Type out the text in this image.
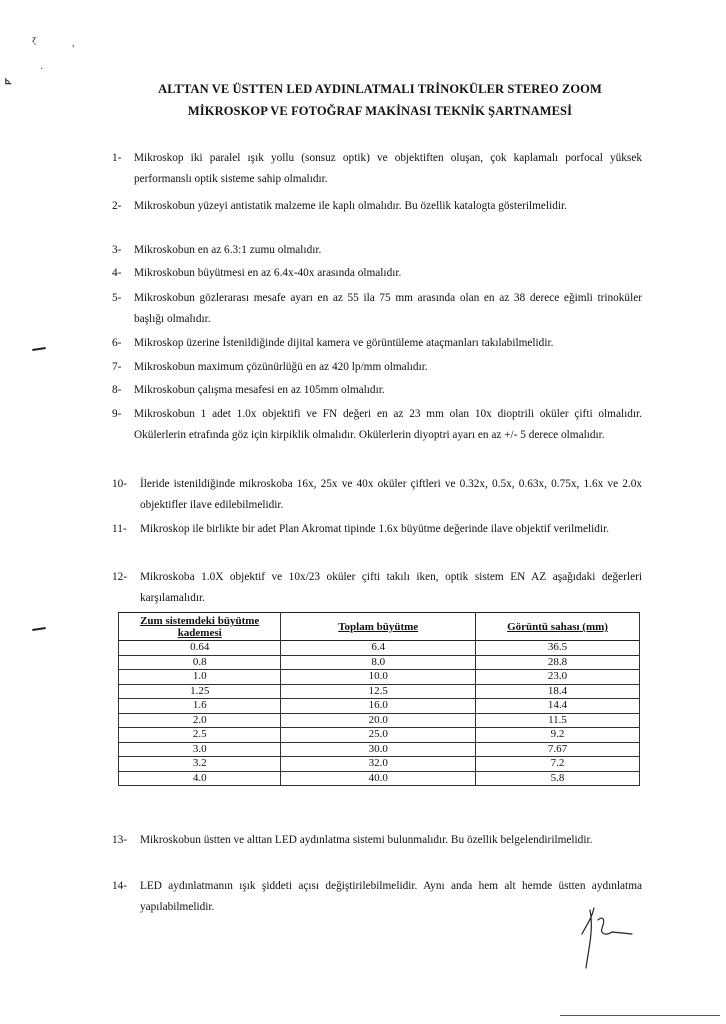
ɀ	,
⊾
·
ALTTAN VE ÜSTTEN LED AYDINLATMALI TRİNOKÜLER STEREO ZOOM
MİKROSKOP VE FOTOĞRAF MAKİNASI TEKNİK ŞARTNAMESİ
1-	Mikroskop iki paralel ışık yollu (sonsuz optik) ve objektiften oluşan, çok kaplamalı porfocal yüksek performanslı optik sisteme sahip olmalıdır.
2-	Mikroskobun yüzeyi antistatik malzeme ile kaplı olmalıdır. Bu özellik katalogta gösterilmelidir.
3-	Mikroskobun en az 6.3:1 zumu olmalıdır.
4-	Mikroskobun büyütmesi en az 6.4x-40x arasında olmalıdır.
5-	Mikroskobun gözlerarası mesafe ayarı en az 55 ila 75 mm arasında olan en az 38 derece eğimli trinoküler başlığı olmalıdır.
6-	Mikroskop üzerine İstenildiğinde dijital kamera ve görüntüleme ataçmanları takılabilmelidir.
7-	Mikroskobun maximum çözünürlüğü en az 420 lp/mm olmalıdır.
8-	Mikroskobun çalışma mesafesi en az 105mm olmalıdır.
9-	Mikroskobun 1 adet 1.0x objektifi ve FN değeri en az 23 mm olan 10x dioptrili oküler çifti olmalıdır. Okülerlerin etrafında göz için kirpiklik olmalıdır. Okülerlerin diyoptri ayarı en az +/- 5 derece olmalıdır.
10-	İleride istenildiğinde mikroskoba 16x, 25x ve 40x oküler çiftleri ve 0.32x, 0.5x, 0.63x, 0.75x, 1.6x ve 2.0x objektifler ilave edilebilmelidir.
11-	Mikroskop ile birlikte bir adet Plan Akromat tipinde 1.6x büyütme değerinde ilave objektif verilmelidir.
12-	Mikroskoba 1.0X objektif ve 10x/23 oküler çifti takılı iken, optik sistem EN AZ aşağıdaki değerleri karşılamalıdır.
Zum sistemdeki büyütme kademesi	Toplam büyütme	Görüntü sahası (mm)
0.64	6.4	36.5
0.8	8.0	28.8
1.0	10.0	23.0
1.25	12.5	18.4
1.6	16.0	14.4
2.0	20.0	11.5
2.5	25.0	9.2
3.0	30.0	7.67
3.2	32.0	7.2
4.0	40.0	5.8
13-	Mikroskobun üstten ve alttan LED aydınlatma sistemi bulunmalıdır. Bu özellik belgelendirilmelidir.
14-	LED aydınlatmanın ışık şiddeti açısı değiştirilebilmelidir. Aynı anda hem alt hemde üstten aydınlatma yapılabilmelidir.
